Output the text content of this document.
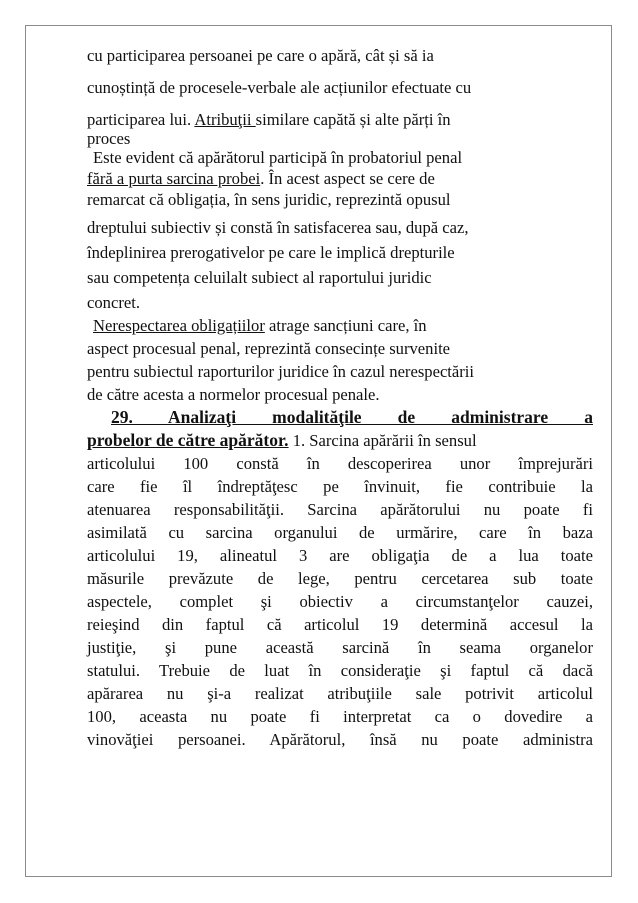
cu participarea persoanei pe care o apără, cât și să ia
cunoștință de procesele-verbale ale acțiunilor efectuate cu
participarea lui. Atribuţii similare capătă și alte părți în
proces
Este evident că apărătorul participă în probatoriul penal
fără a purta sarcina probei. În acest aspect se cere de
remarcat că obligația, în sens juridic, reprezintă opusul
dreptului subiectiv și constă în satisfacerea sau, după caz,
îndeplinirea prerogativelor pe care le implică drepturile
sau competența celuilalt subiect al raportului juridic
concret.
Nerespectarea obligațiilor atrage sancțiuni care, în
aspect procesual penal, reprezintă consecințe survenite
pentru subiectul raporturilor juridice în cazul nerespectării
de către acesta a normelor procesual penale.
29. Analizaţi modalităţile de administrare a
probelor de către apărător. 1. Sarcina apărării în sensul
articolului 100 constă în descoperirea unor împrejurări
care fie îl îndreptăţesc pe învinuit, fie contribuie la
atenuarea responsabilităţii. Sarcina apărătorului nu poate fi
asimilată cu sarcina organului de urmărire, care în baza
articolului 19, alineatul 3 are obligaţia de a lua toate
măsurile prevăzute de lege, pentru cercetarea sub toate
aspectele, complet şi obiectiv a circumstanţelor cauzei,
reieşind din faptul că articolul 19 determină accesul la
justiţie, şi pune această sarcină în seama organelor
statului. Trebuie de luat în consideraţie şi faptul că dacă
apărarea nu şi-a realizat atribuţiile sale potrivit articolul
100, aceasta nu poate fi interpretat ca o dovedire a
vinovăţiei persoanei. Apărătorul, însă nu poate administra
